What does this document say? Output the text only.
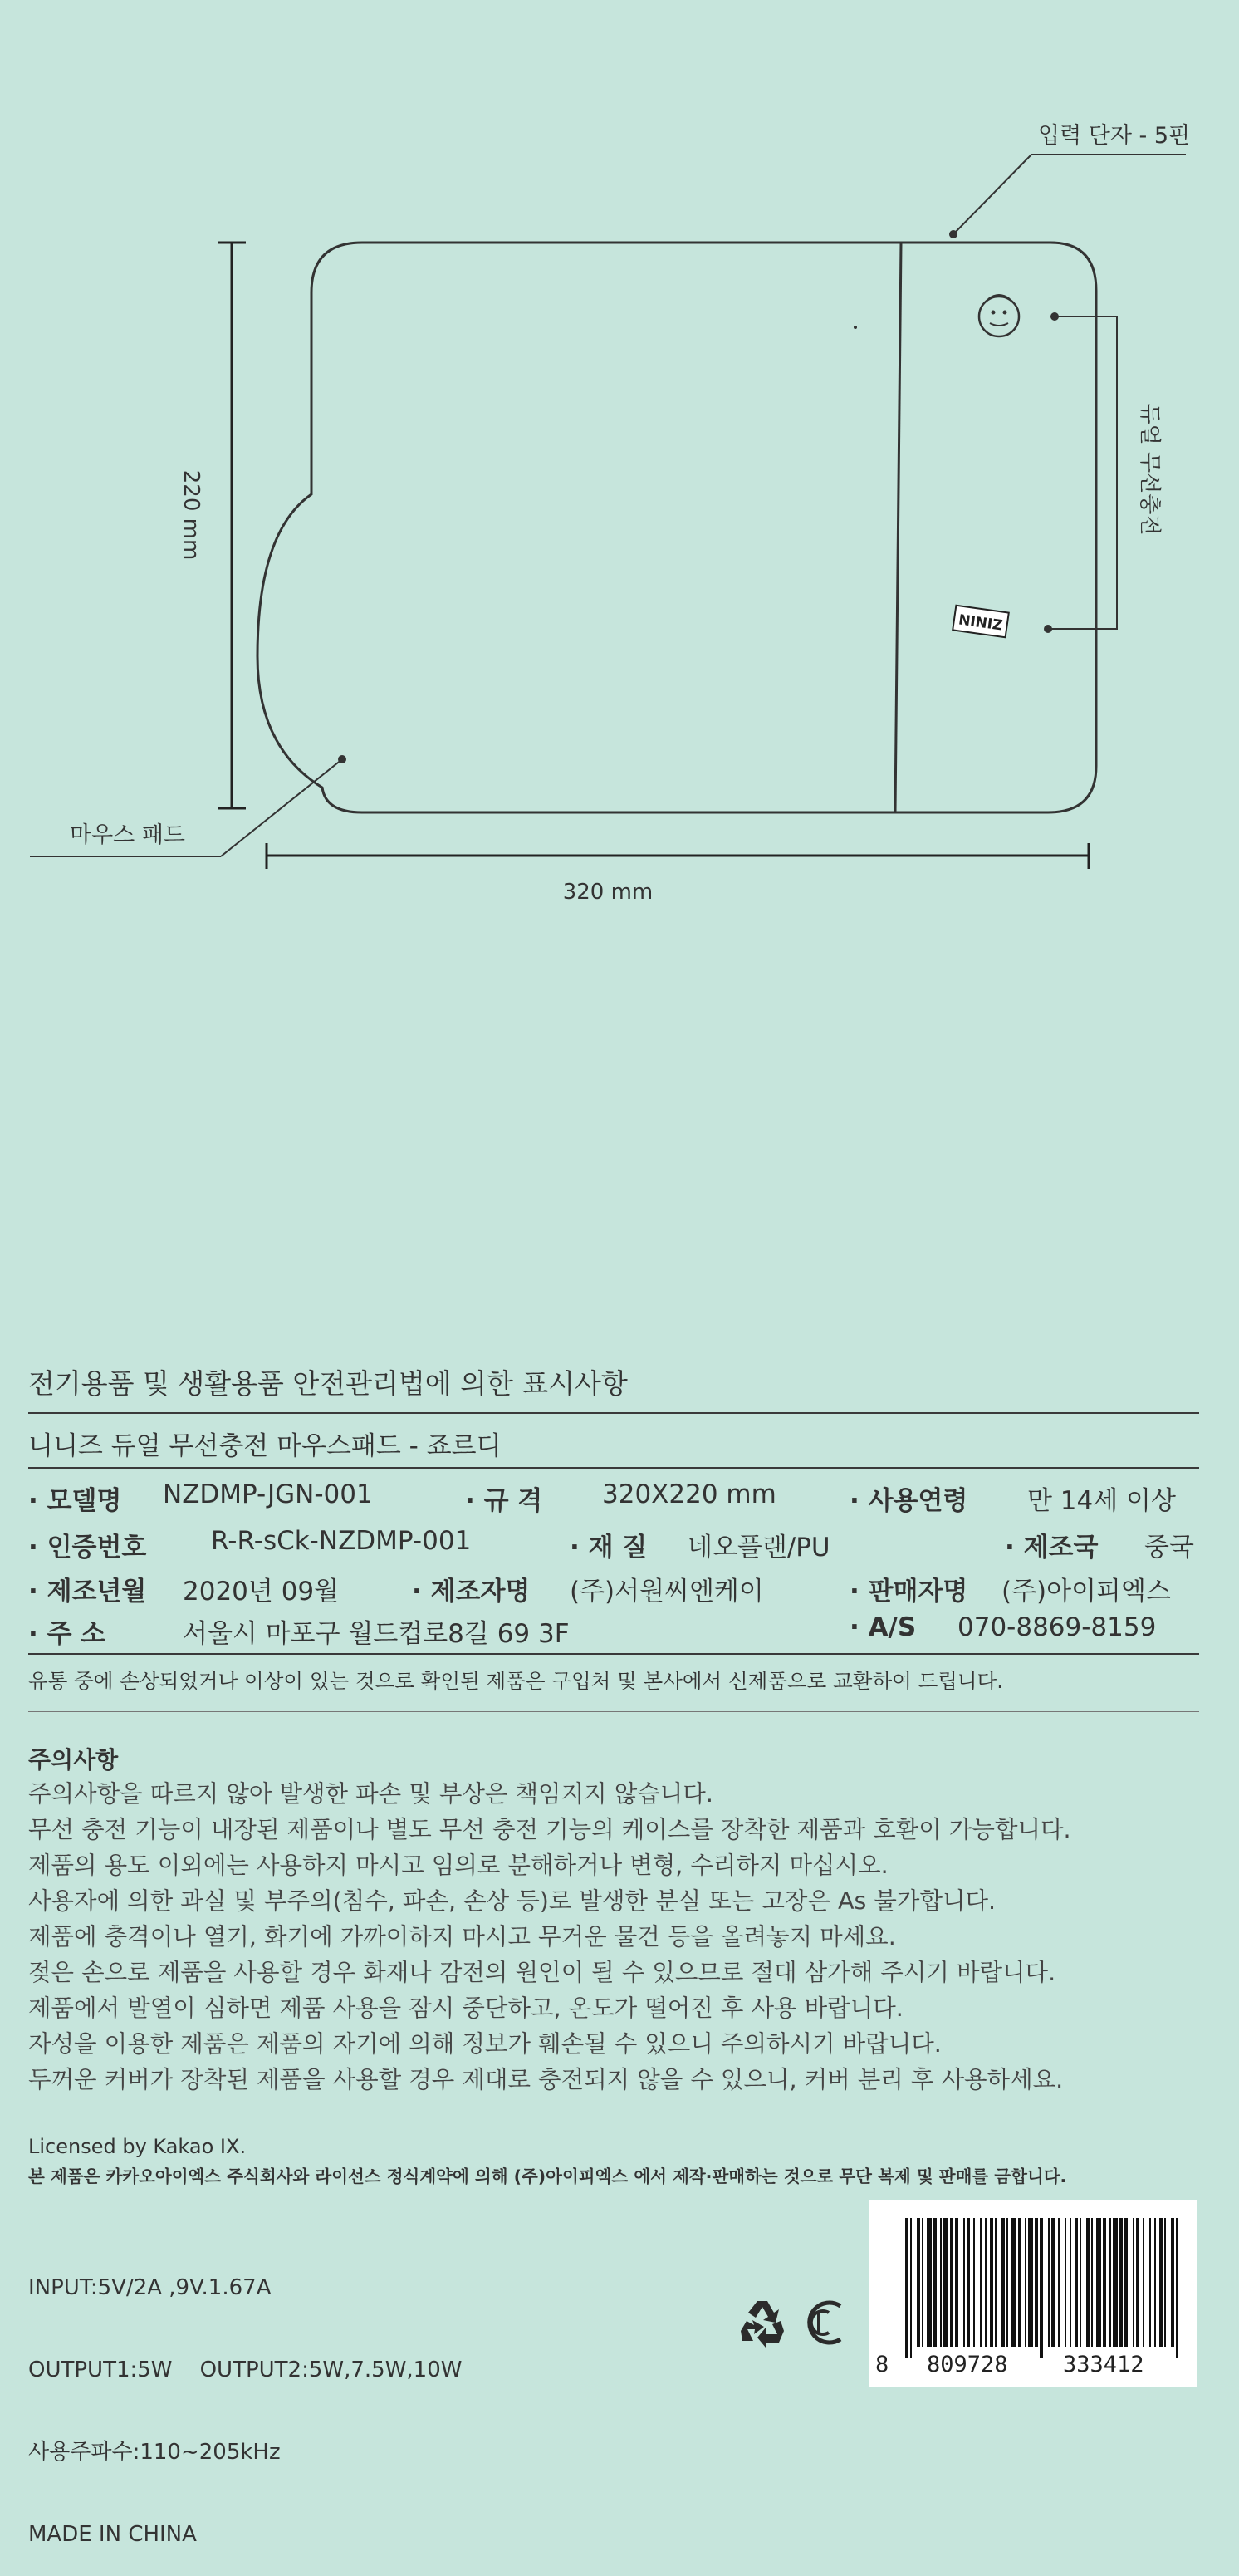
220 mm
320 mm
입력 단자 - 5핀
듀얼 무선충전
NINIZ
마우스 패드
전기용품 및 생활용품 안전관리법에 의한 표시사항
니니즈 듀얼 무선충전 마우스패드 - 죠르디
· 모델명 NZDMP-JGN-001	· 규 격 320X220 mm	· 사용연령 만 14세 이상
· 인증번호	R-R-sCk-NZDMP-001	· 재 질 네오플랜/PU	· 제조국 중국
· 제조년월 2020년 09월	· 제조자명 (주)서원씨엔케이	· 판매자명 (주)아이피엑스
· 주 소	서울시 마포구 월드컵로8길 69 3F	· A/S 070-8869-8159
유통 중에 손상되었거나 이상이 있는 것으로 확인된 제품은 구입처 및 본사에서 신제품으로 교환하여 드립니다.
주의사항
주의사항을 따르지 않아 발생한 파손 및 부상은 책임지지 않습니다.
무선 충전 기능이 내장된 제품이나 별도 무선 충전 기능의 케이스를 장착한 제품과 호환이 가능합니다.
제품의 용도 이외에는 사용하지 마시고 임의로 분해하거나 변형, 수리하지 마십시오.
사용자에 의한 과실 및 부주의(침수, 파손, 손상 등)로 발생한 분실 또는 고장은 As 불가합니다.
제품에 충격이나 열기, 화기에 가까이하지 마시고 무거운 물건 등을 올려놓지 마세요.
젖은 손으로 제품을 사용할 경우 화재나 감전의 원인이 될 수 있으므로 절대 삼가해 주시기 바랍니다.
제품에서 발열이 심하면 제품 사용을 잠시 중단하고, 온도가 떨어진 후 사용 바랍니다.
자성을 이용한 제품은 제품의 자기에 의해 정보가 훼손될 수 있으니 주의하시기 바랍니다.
두꺼운 커버가 장착된 제품을 사용할 경우 제대로 충전되지 않을 수 있으니, 커버 분리 후 사용하세요.
Licensed by Kakao IX.
본 제품은 카카오아이엑스 주식회사와 라이선스 정식계약에 의해 (주)아이피엑스 에서 제작·판매하는 것으로 무단 복제 및 판매를 금합니다.

INPUT:5V/2A ,9V.1.67A

OUTPUT1:5W    OUTPUT2:5W,7.5W,10W

사용주파수:110~205kHz

MADE IN CHINA

KC
8 809728 333412
